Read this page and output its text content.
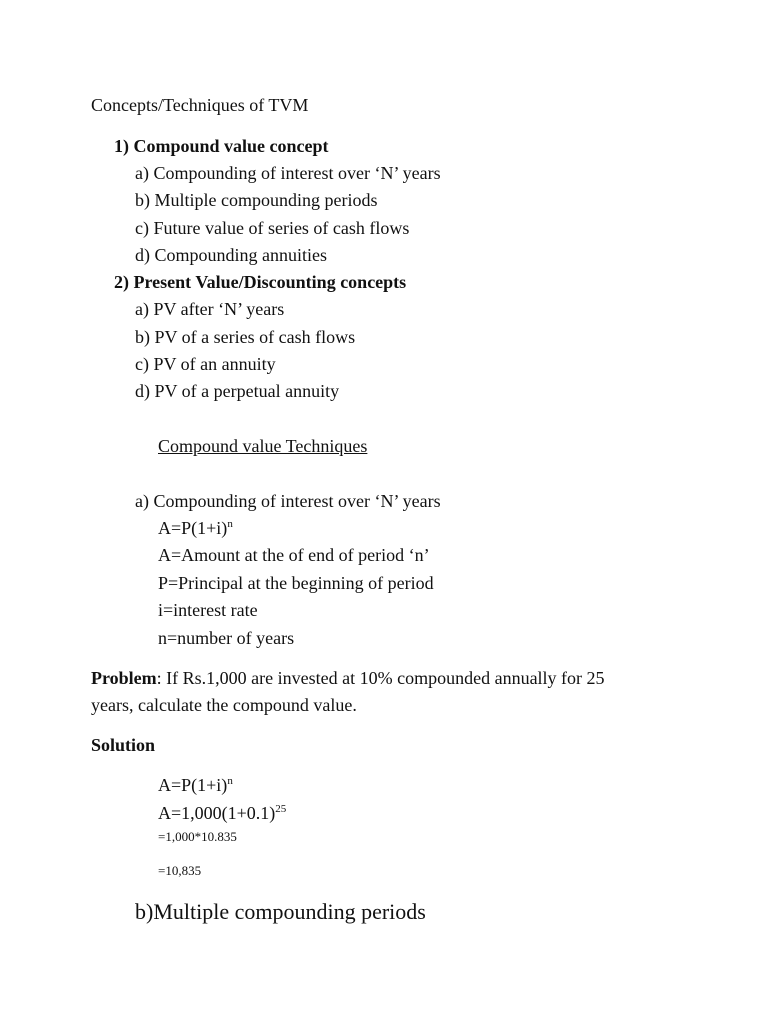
Concepts/Techniques of TVM
1) Compound value concept
a) Compounding of interest over ‘N’ years
b) Multiple compounding periods
c) Future value of series of cash flows
d) Compounding annuities
2) Present Value/Discounting concepts
a) PV after ‘N’ years
b) PV of a series of cash flows
c) PV of an annuity
d) PV of a perpetual annuity
Compound value Techniques
a) Compounding of interest over ‘N’ years
$A=P(1+i)^n$
A=Amount at the of end of period ‘n’
P=Principal at the beginning of period
i=interest rate
n=number of years
Problem: If Rs.1,000 are invested at 10% compounded annually for 25
years, calculate the compound value.
Solution
$A=P(1+i)^n$
$A=1,000(1+0.1)^{25}$
=1,000*10.835
=10,835
b)Multiple compounding periods
